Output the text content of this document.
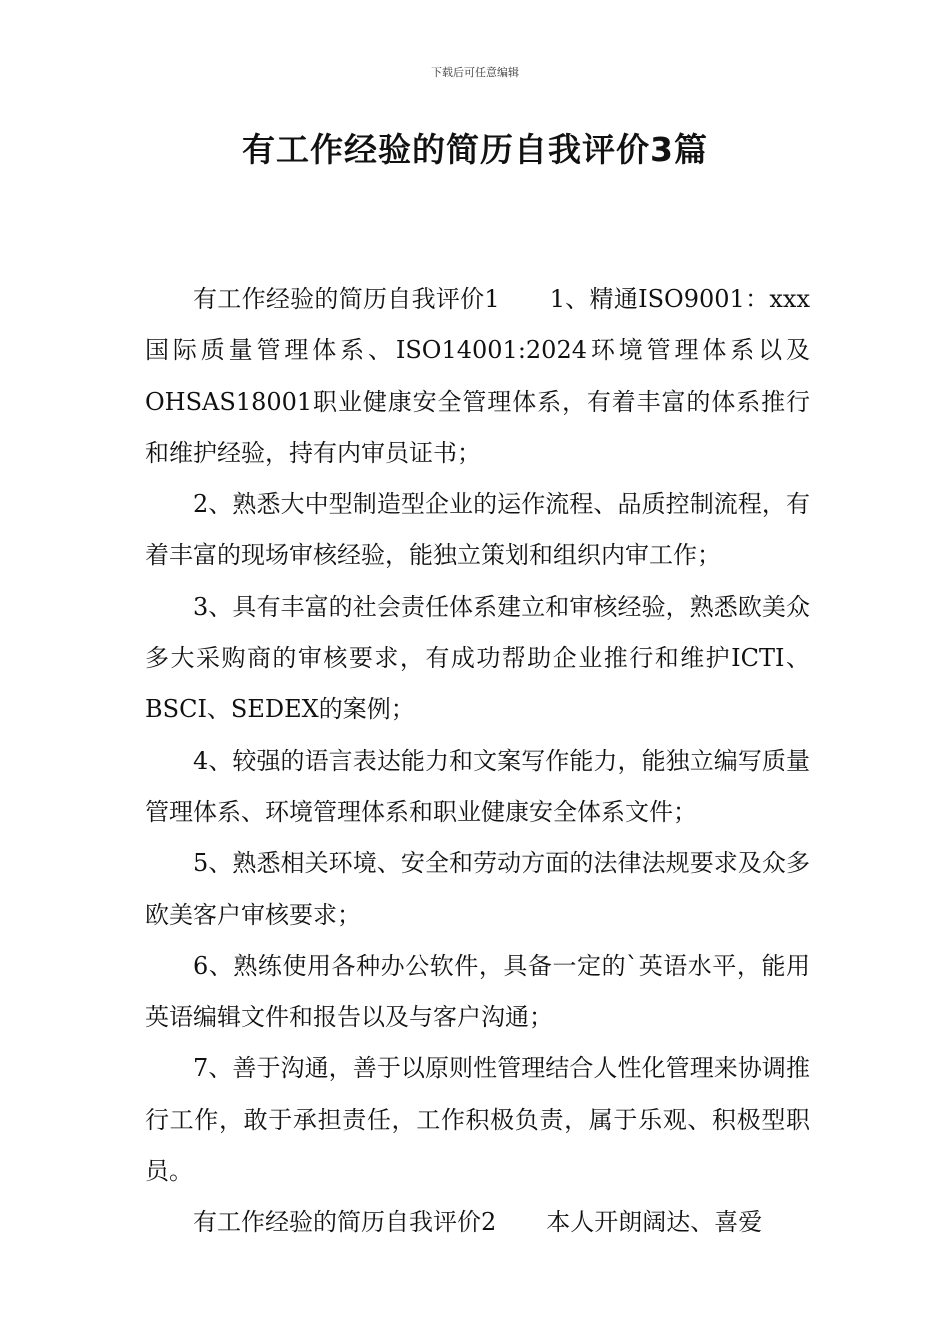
下载后可任意编辑
有工作经验的简历自我评价3篇

有工作经验的简历自我评价1 1、精通ISO9001：xxx国际质量管理体系、ISO14001:2024环境管理体系以及OHSAS18001职业健康安全管理体系，有着丰富的体系推行和维护经验，持有内审员证书；

2、熟悉大中型制造型企业的运作流程、品质控制流程，有着丰富的现场审核经验，能独立策划和组织内审工作；

3、具有丰富的社会责任体系建立和审核经验，熟悉欧美众多大采购商的审核要求，有成功帮助企业推行和维护ICTI、BSCI、SEDEX的案例；

4、较强的语言表达能力和文案写作能力，能独立编写质量管理体系、环境管理体系和职业健康安全体系文件；

5、熟悉相关环境、安全和劳动方面的法律法规要求及众多欧美客户审核要求；

6、熟练使用各种办公软件，具备一定的`英语水平，能用英语编辑文件和报告以及与客户沟通；

7、善于沟通，善于以原则性管理结合人性化管理来协调推行工作，敢于承担责任，工作积极负责，属于乐观、积极型职员。

有工作经验的简历自我评价2 本人开朗阔达、喜爱
